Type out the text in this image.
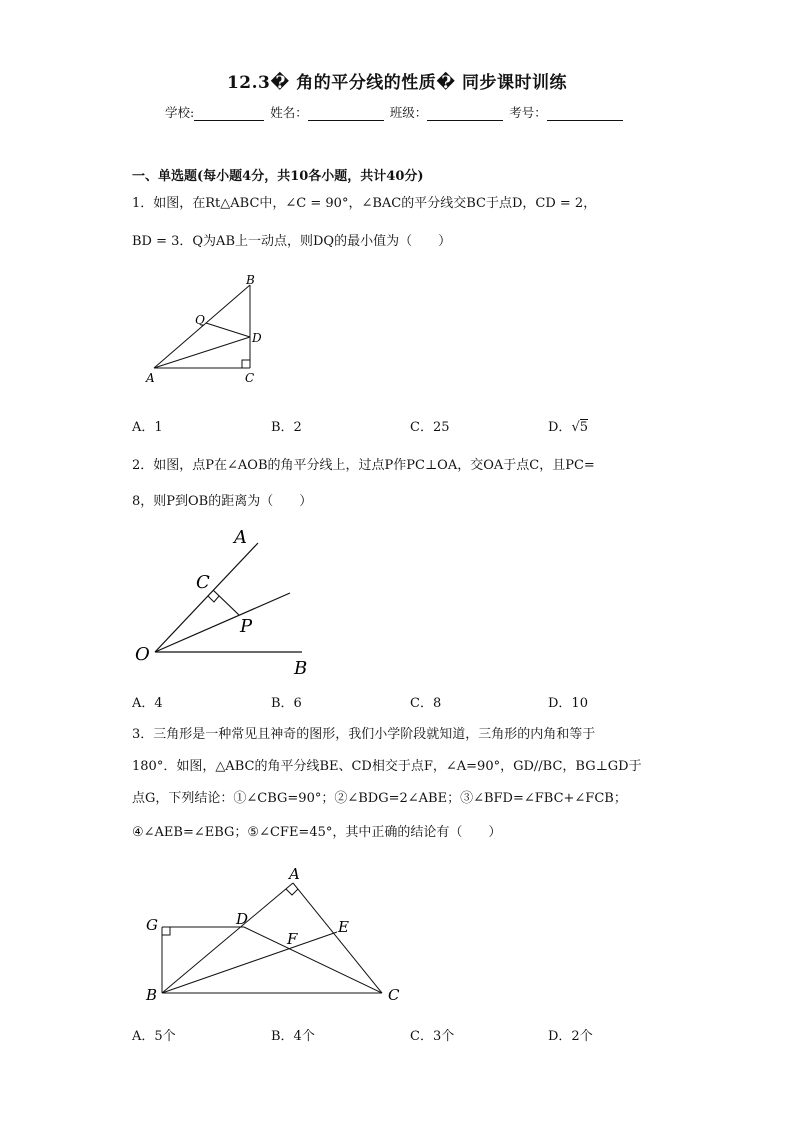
12.3� 角的平分线的性质� 同步课时训练
学校:	姓名：	班级：	考号：
一、单选题(每小题4分，共10各小题，共计40分)
1．如图，在Rt△ABC中，∠C = 90°，∠BAC的平分线交BC于点D，CD = 2，
BD = 3．Q为AB上一动点，则DQ的最小值为（　　）
B
Q
D
A	C
A．1	B．2	C．25	D．√5
2．如图，点P在∠AOB的角平分线上，过点P作PC⊥OA，交OA于点C，且PC=
8，则P到OB的距离为（　　）
A
C
P
O
B
A．4	B．6	C．8	D．10
3．三角形是一种常见且神奇的图形，我们小学阶段就知道，三角形的内角和等于
180°．如图，△ABC的角平分线BE、CD相交于点F，∠A=90°，GD//BC，BG⊥GD于
点G，下列结论：①∠CBG=90°；②∠BDG=2∠ABE；③∠BFD=∠FBC+∠FCB；
④∠AEB=∠EBG；⑤∠CFE=45°，其中正确的结论有（　　）
A
G	D	E
F
B	C
A．5个	B．4个	C．3个	D．2个
